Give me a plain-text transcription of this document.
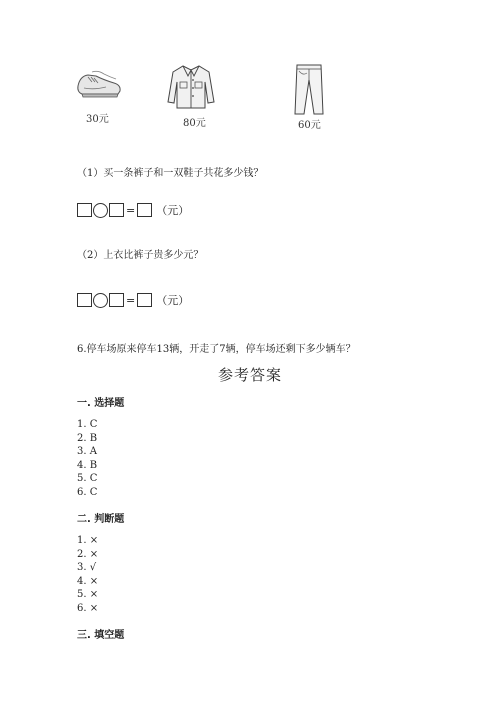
30元	80元	60元
（1）买一条裤子和一双鞋子共花多少钱？
= （元）
（2）上衣比裤子贵多少元？
= （元）
6.停车场原来停车13辆，开走了7辆，停车场还剩下多少辆车？
参考答案
一. 选择题
1. C
2. B
3. A
4. B
5. C
6. C
二. 判断题
1. ×
2. ×
3. √
4. ×
5. ×
6. ×
三. 填空题
